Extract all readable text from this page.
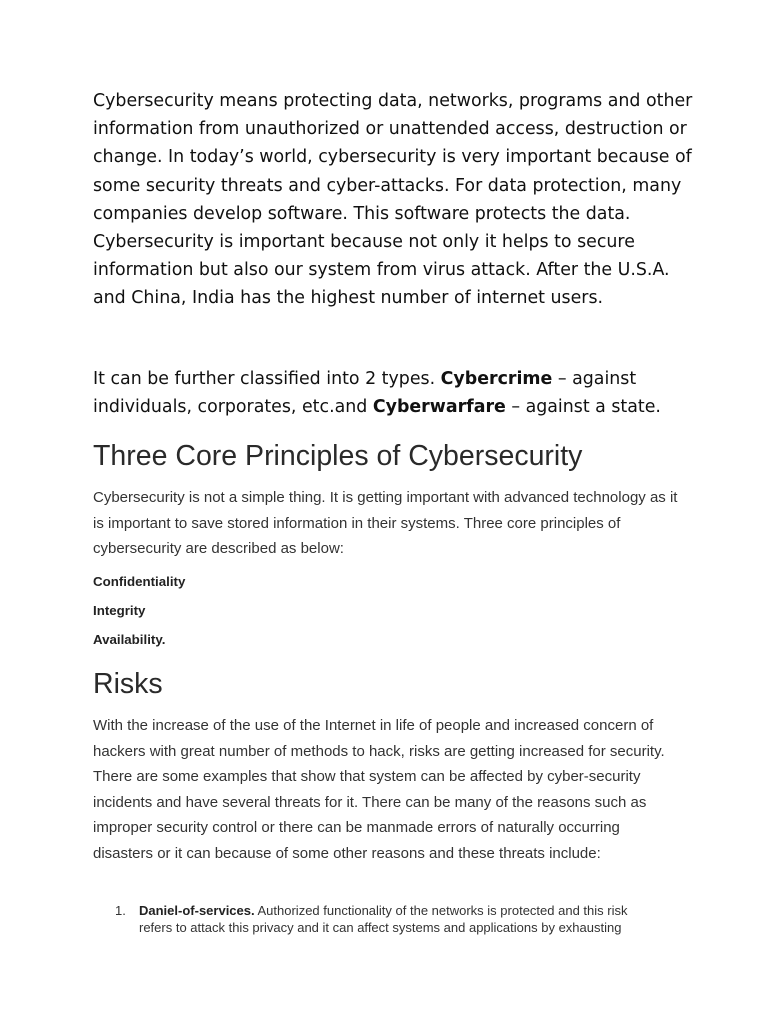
Cybersecurity means protecting data, networks, programs and other information from unauthorized or unattended access, destruction or change. In today’s world, cybersecurity is very important because of some security threats and cyber-attacks. For data protection, many companies develop software. This software protects the data. Cybersecurity is important because not only it helps to secure information but also our system from virus attack. After the U.S.A. and China, India has the highest number of internet users.

It can be further classified into 2 types. Cybercrime – against individuals, corporates, etc.and Cyberwarfare – against a state.

Three Core Principles of Cybersecurity

Cybersecurity is not a simple thing. It is getting important with advanced technology as it is important to save stored information in their systems. Three core principles of cybersecurity are described as below:

Confidentiality

Integrity

Availability.

Risks

With the increase of the use of the Internet in life of people and increased concern of hackers with great number of methods to hack, risks are getting increased for security. There are some examples that show that system can be affected by cyber-security incidents and have several threats for it. There can be many of the reasons such as improper security control or there can be manmade errors of naturally occurring disasters or it can because of some other reasons and these threats include:

1. Daniel-of-services. Authorized functionality of the networks is protected and this risk refers to attack this privacy and it can affect systems and applications by exhausting
